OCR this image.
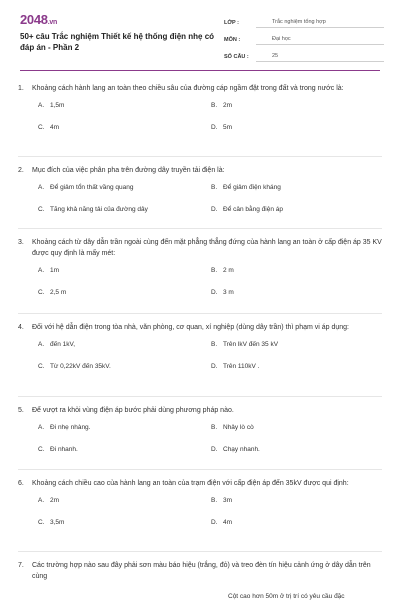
2048.vn
50+ câu Trắc nghiệm Thiết kế hệ thống điện nhẹ có đáp án - Phần 2
LỚP :	Trắc nghiệm tổng hợp
MÔN :	Đại học
SỐ CÂU :	25
1.	Khoảng cách hành lang an toàn theo chiều sâu của đường cáp ngầm đặt trong đất và trong nước là:
A. 1,5m	B. 2m
C. 4m	D. 5m
2.	Mục đích của việc phân pha trên đường dây truyền tải điện là:
A. Để giảm tổn thất vầng quang	B. Để giảm điện kháng
C. Tăng khả năng tải của đường dây	D. Để cân bằng điện áp
3.	Khoảng cách từ dây dẫn trần ngoài cùng đến mặt phẳng thẳng đứng của hành lang an toàn ở cấp điện áp 35 KV được quy định là mấy mét:
A. 1m	B. 2 m
C. 2,5 m	D. 3 m
4.	Đối với hệ dẫn điện trong tòa nhà, văn phòng, cơ quan, xí nghiệp (dùng dây trần) thì phạm vi áp dụng:
A. đến 1kV,	B. Trên lkV đến 35 kV
C. Từ 0,22kV đến 35kV.	D. Trên 110kV .
5.	Để vượt ra khỏi vùng điện áp bước phải dùng phương pháp nào.
A. Đi nhẹ nhàng.	B. Nhảy lò cò
C. Đi nhanh.	D. Chạy nhanh.
6.	Khoảng cách chiều cao của hành lang an toàn của trạm điện với cấp điện áp đến 35kV được qui định:
A. 2m	B. 3m
C. 3,5m	D. 4m
7.	Các trường hợp nào sau đây phải sơn màu báo hiệu (trắng, đỏ) và treo đèn tín hiệu cảnh ứng ở dây dẫn trên cùng
Cột cao hơn 50m ở trị trí có yêu cầu đặc
